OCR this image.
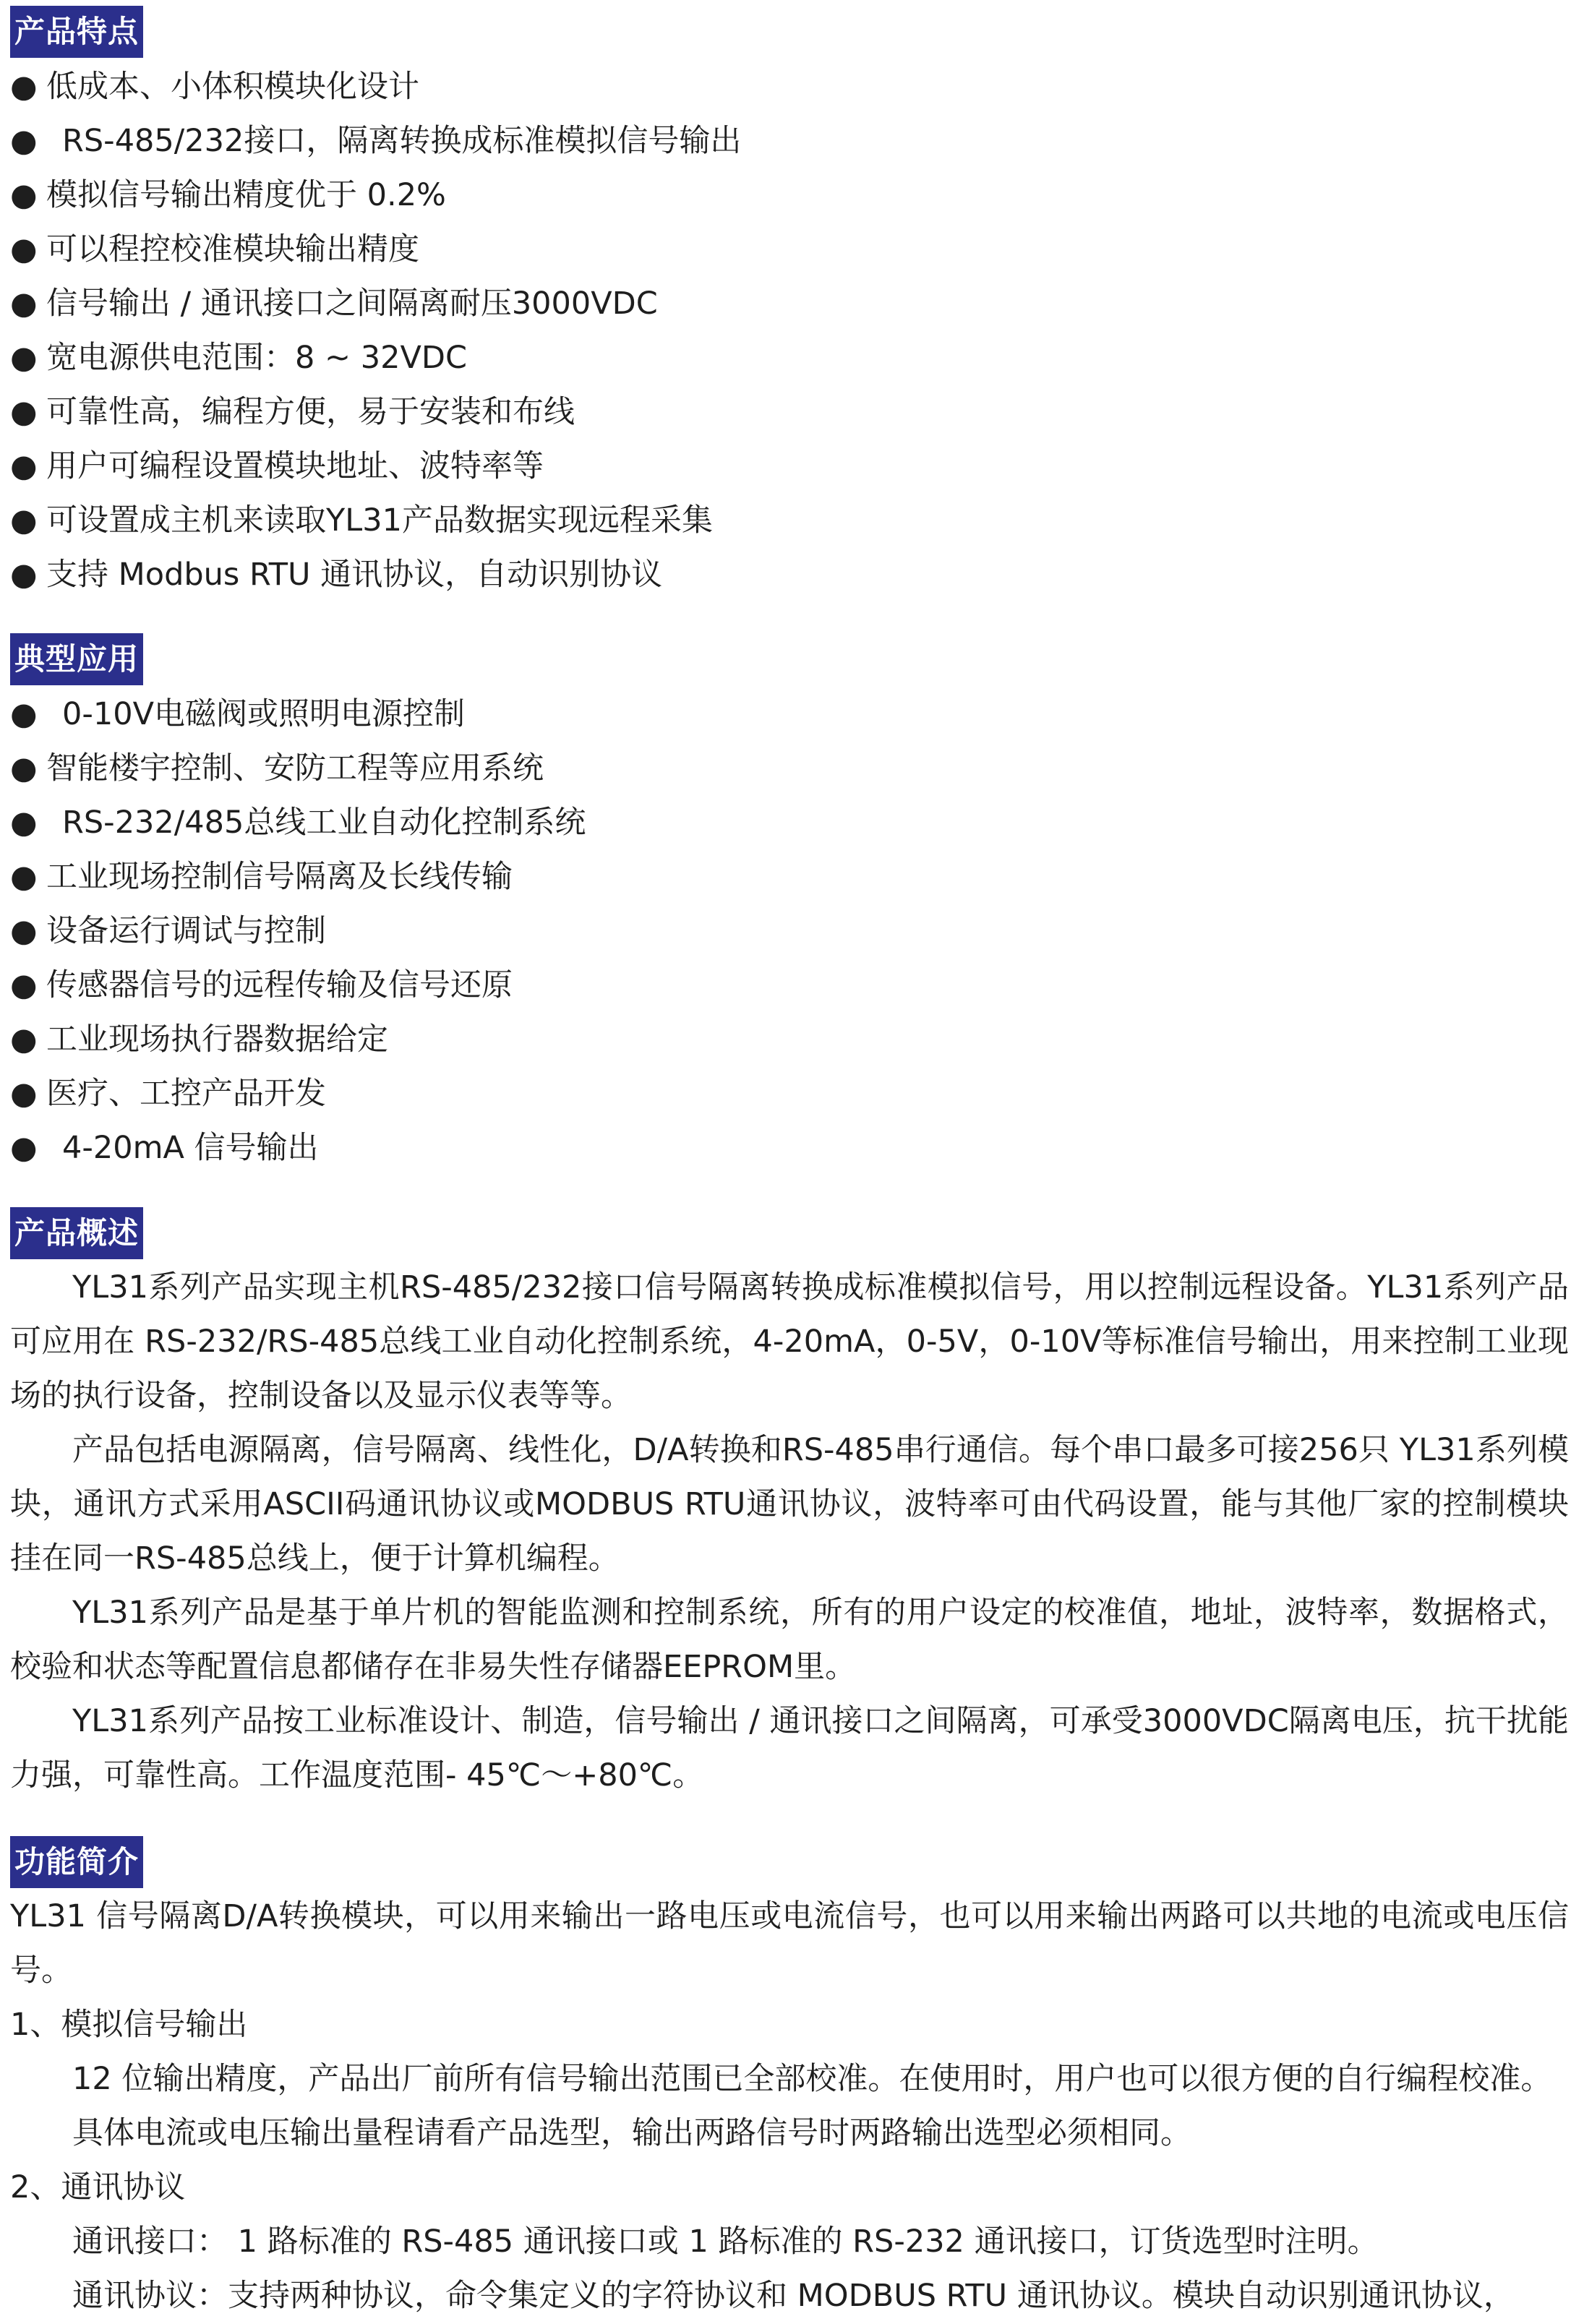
产品特点
● 低成本、小体积模块化设计
● RS-485/232接口，隔离转换成标准模拟信号输出
● 模拟信号输出精度优于 0.2%
● 可以程控校准模块输出精度
● 信号输出 / 通讯接口之间隔离耐压3000VDC
● 宽电源供电范围：8 ~ 32VDC
● 可靠性高，编程方便，易于安装和布线
● 用户可编程设置模块地址、波特率等
● 可设置成主机来读取YL31产品数据实现远程采集
● 支持 Modbus RTU 通讯协议，自动识别协议
典型应用
● 0-10V电磁阀或照明电源控制
● 智能楼宇控制、安防工程等应用系统
● RS-232/485总线工业自动化控制系统
● 工业现场控制信号隔离及长线传输
● 设备运行调试与控制
● 传感器信号的远程传输及信号还原
● 工业现场执行器数据给定
● 医疗、工控产品开发
● 4-20mA 信号输出
产品概述
YL31系列产品实现主机RS-485/232接口信号隔离转换成标准模拟信号，用以控制远程设备。YL31系列产品可应用在 RS-232/RS-485总线工业自动化控制系统，4-20mA，0-5V，0-10V等标准信号输出，用来控制工业现场的执行设备，控制设备以及显示仪表等等。
产品包括电源隔离，信号隔离、线性化，D/A转换和RS-485串行通信。每个串口最多可接256只 YL31系列模块，通讯方式采用ASCII码通讯协议或MODBUS RTU通讯协议，波特率可由代码设置，能与其他厂家的控制模块挂在同一RS-485总线上，便于计算机编程。
YL31系列产品是基于单片机的智能监测和控制系统，所有的用户设定的校准值，地址，波特率，数据格式，校验和状态等配置信息都储存在非易失性存储器EEPROM里。
YL31系列产品按工业标准设计、制造，信号输出 / 通讯接口之间隔离，可承受3000VDC隔离电压，抗干扰能力强，可靠性高。工作温度范围- 45℃～+80℃。
功能简介
YL31 信号隔离D/A转换模块，可以用来输出一路电压或电流信号，也可以用来输出两路可以共地的电流或电压信号。
1、模拟信号输出
12 位输出精度，产品出厂前所有信号输出范围已全部校准。在使用时，用户也可以很方便的自行编程校准。
具体电流或电压输出量程请看产品选型，输出两路信号时两路输出选型必须相同。
2、通讯协议
通讯接口： 1 路标准的 RS-485 通讯接口或 1 路标准的 RS-232 通讯接口，订货选型时注明。
通讯协议：支持两种协议，命令集定义的字符协议和 MODBUS RTU 通讯协议。模块自动识别通讯协议，
